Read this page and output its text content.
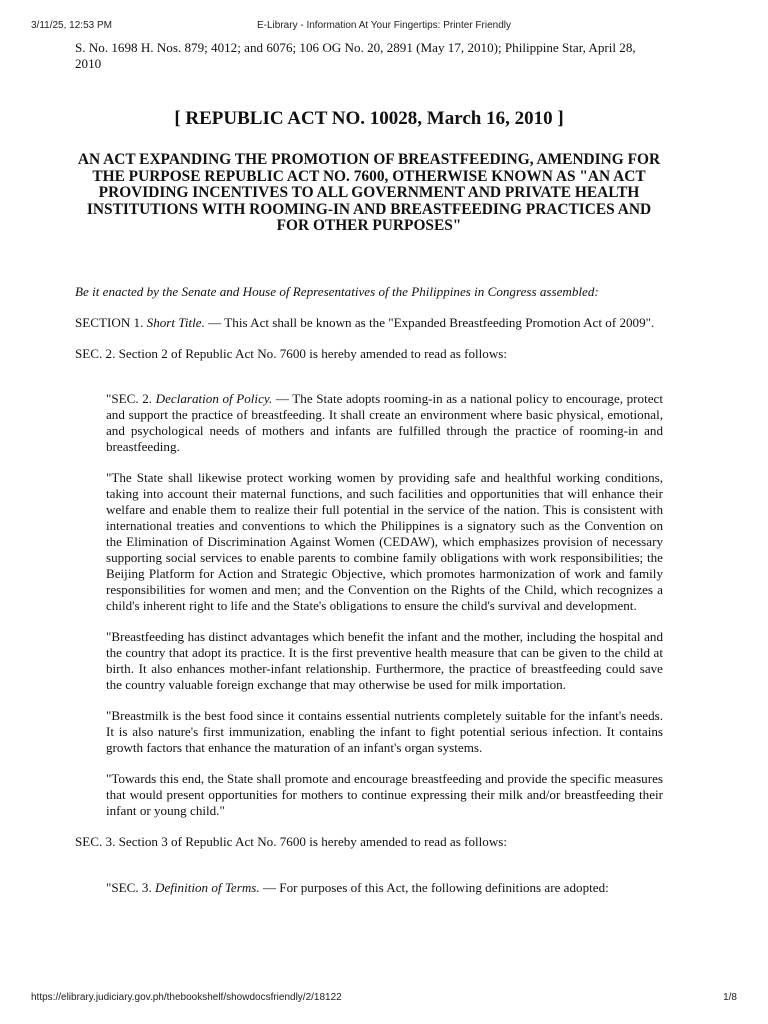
E-Library - Information At Your Fingertips: Printer Friendly
3/11/25, 12:53 PM

S. No. 1698 H. Nos. 879; 4012; and 6076; 106 OG No. 20, 2891 (May 17, 2010); Philippine Star, April 28, 2010

[ REPUBLIC ACT NO. 10028, March 16, 2010 ]
AN ACT EXPANDING THE PROMOTION OF BREASTFEEDING, AMENDING FOR THE PURPOSE REPUBLIC ACT NO. 7600, OTHERWISE KNOWN AS "AN ACT PROVIDING INCENTIVES TO ALL GOVERNMENT AND PRIVATE HEALTH INSTITUTIONS WITH ROOMING-IN AND BREASTFEEDING PRACTICES AND FOR OTHER PURPOSES"

Be it enacted by the Senate and House of Representatives of the Philippines in Congress assembled:

SECTION 1. Short Title. — This Act shall be known as the "Expanded Breastfeeding Promotion Act of 2009".

SEC. 2. Section 2 of Republic Act No. 7600 is hereby amended to read as follows:

"SEC. 2. Declaration of Policy. — The State adopts rooming-in as a national policy to encourage, protect and support the practice of breastfeeding. It shall create an environment where basic physical, emotional, and psychological needs of mothers and infants are fulfilled through the practice of rooming-in and breastfeeding.

"The State shall likewise protect working women by providing safe and healthful working conditions, taking into account their maternal functions, and such facilities and opportunities that will enhance their welfare and enable them to realize their full potential in the service of the nation. This is consistent with international treaties and conventions to which the Philippines is a signatory such as the Convention on the Elimination of Discrimination Against Women (CEDAW), which emphasizes provision of necessary supporting social services to enable parents to combine family obligations with work responsibilities; the Beijing Platform for Action and Strategic Objective, which promotes harmonization of work and family responsibilities for women and men; and the Convention on the Rights of the Child, which recognizes a child's inherent right to life and the State's obligations to ensure the child's survival and development.

"Breastfeeding has distinct advantages which benefit the infant and the mother, including the hospital and the country that adopt its practice. It is the first preventive health measure that can be given to the child at birth. It also enhances mother-infant relationship. Furthermore, the practice of breastfeeding could save the country valuable foreign exchange that may otherwise be used for milk importation.

"Breastmilk is the best food since it contains essential nutrients completely suitable for the infant's needs. It is also nature's first immunization, enabling the infant to fight potential serious infection. It contains growth factors that enhance the maturation of an infant's organ systems.

"Towards this end, the State shall promote and encourage breastfeeding and provide the specific measures that would present opportunities for mothers to continue expressing their milk and/or breastfeeding their infant or young child."

SEC. 3. Section 3 of Republic Act No. 7600 is hereby amended to read as follows:

"SEC. 3. Definition of Terms. — For purposes of this Act, the following definitions are adopted:

https://elibrary.judiciary.gov.ph/thebookshelf/showdocsfriendly/2/18122	1/8
